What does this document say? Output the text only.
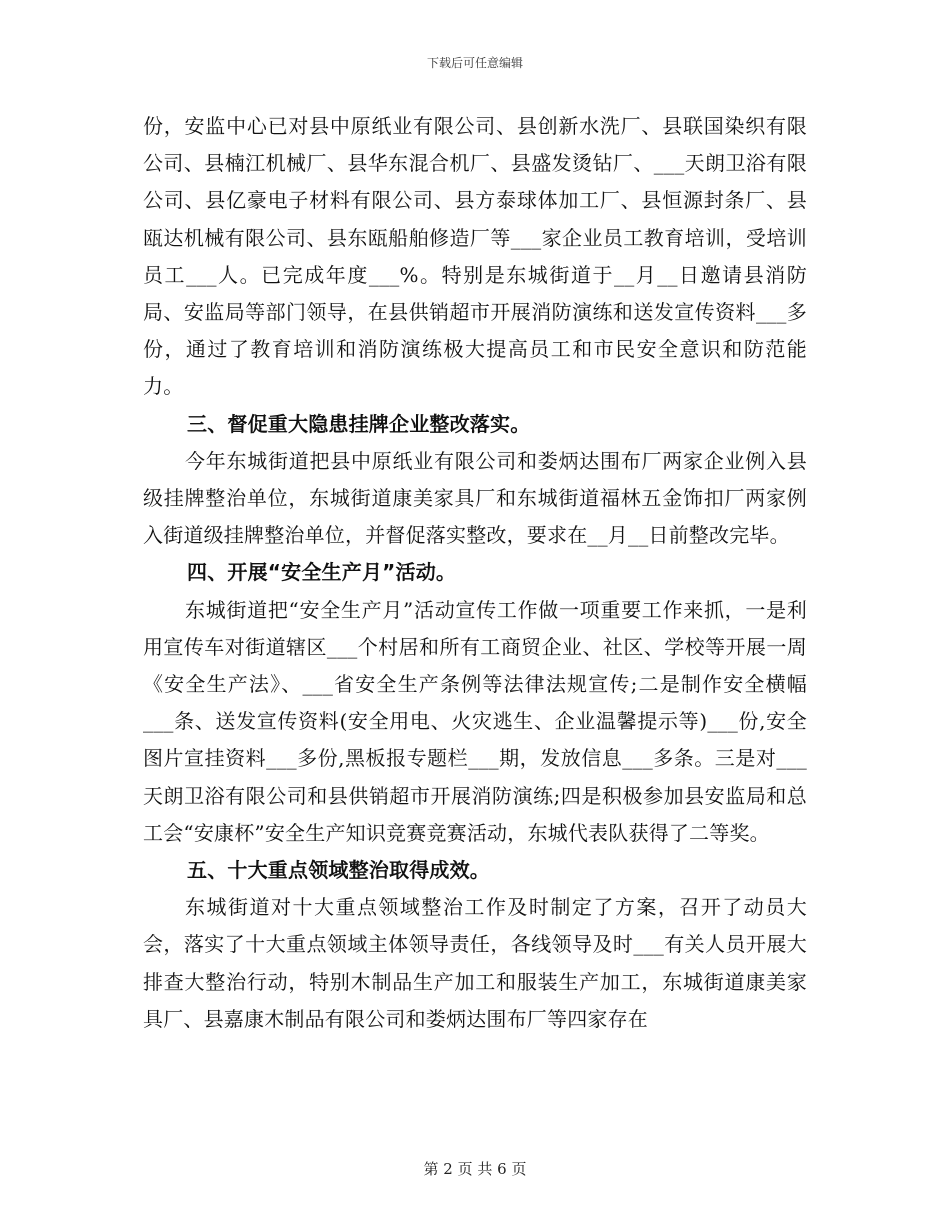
下载后可任意编辑

份，安监中心已对县中原纸业有限公司、县创新水洗厂、县联国染织有限公司、县楠江机械厂、县华东混合机厂、县盛发烫钻厂、___天朗卫浴有限公司、县亿豪电子材料有限公司、县方泰球体加工厂、县恒源封条厂、县瓯达机械有限公司、县东瓯船舶修造厂等___家企业员工教育培训，受培训员工___人。已完成年度___%。特别是东城街道于__月__日邀请县消防局、安监局等部门领导，在县供销超市开展消防演练和送发宣传资料___多份，通过了教育培训和消防演练极大提高员工和市民安全意识和防范能力。

三、督促重大隐患挂牌企业整改落实。

今年东城街道把县中原纸业有限公司和娄炳达围布厂两家企业例入县级挂牌整治单位，东城街道康美家具厂和东城街道福林五金饰扣厂两家例入街道级挂牌整治单位，并督促落实整改，要求在__月__日前整改完毕。

四、开展“安全生产月”活动。

东城街道把“安全生产月”活动宣传工作做一项重要工作来抓，一是利用宣传车对街道辖区___个村居和所有工商贸企业、社区、学校等开展一周《安全生产法》、___省安全生产条例等法律法规宣传;二是制作安全横幅___条、送发宣传资料(安全用电、火灾逃生、企业温馨提示等)___份,安全图片宣挂资料___多份,黑板报专题栏___期，发放信息___多条。三是对___天朗卫浴有限公司和县供销超市开展消防演练;四是积极参加县安监局和总工会“安康杯”安全生产知识竞赛竞赛活动，东城代表队获得了二等奖。

五、十大重点领域整治取得成效。

东城街道对十大重点领域整治工作及时制定了方案，召开了动员大会，落实了十大重点领域主体领导责任，各线领导及时___有关人员开展大排查大整治行动，特别木制品生产加工和服装生产加工，东城街道康美家具厂、县嘉康木制品有限公司和娄炳达围布厂等四家存在

第 2 页 共 6 页
